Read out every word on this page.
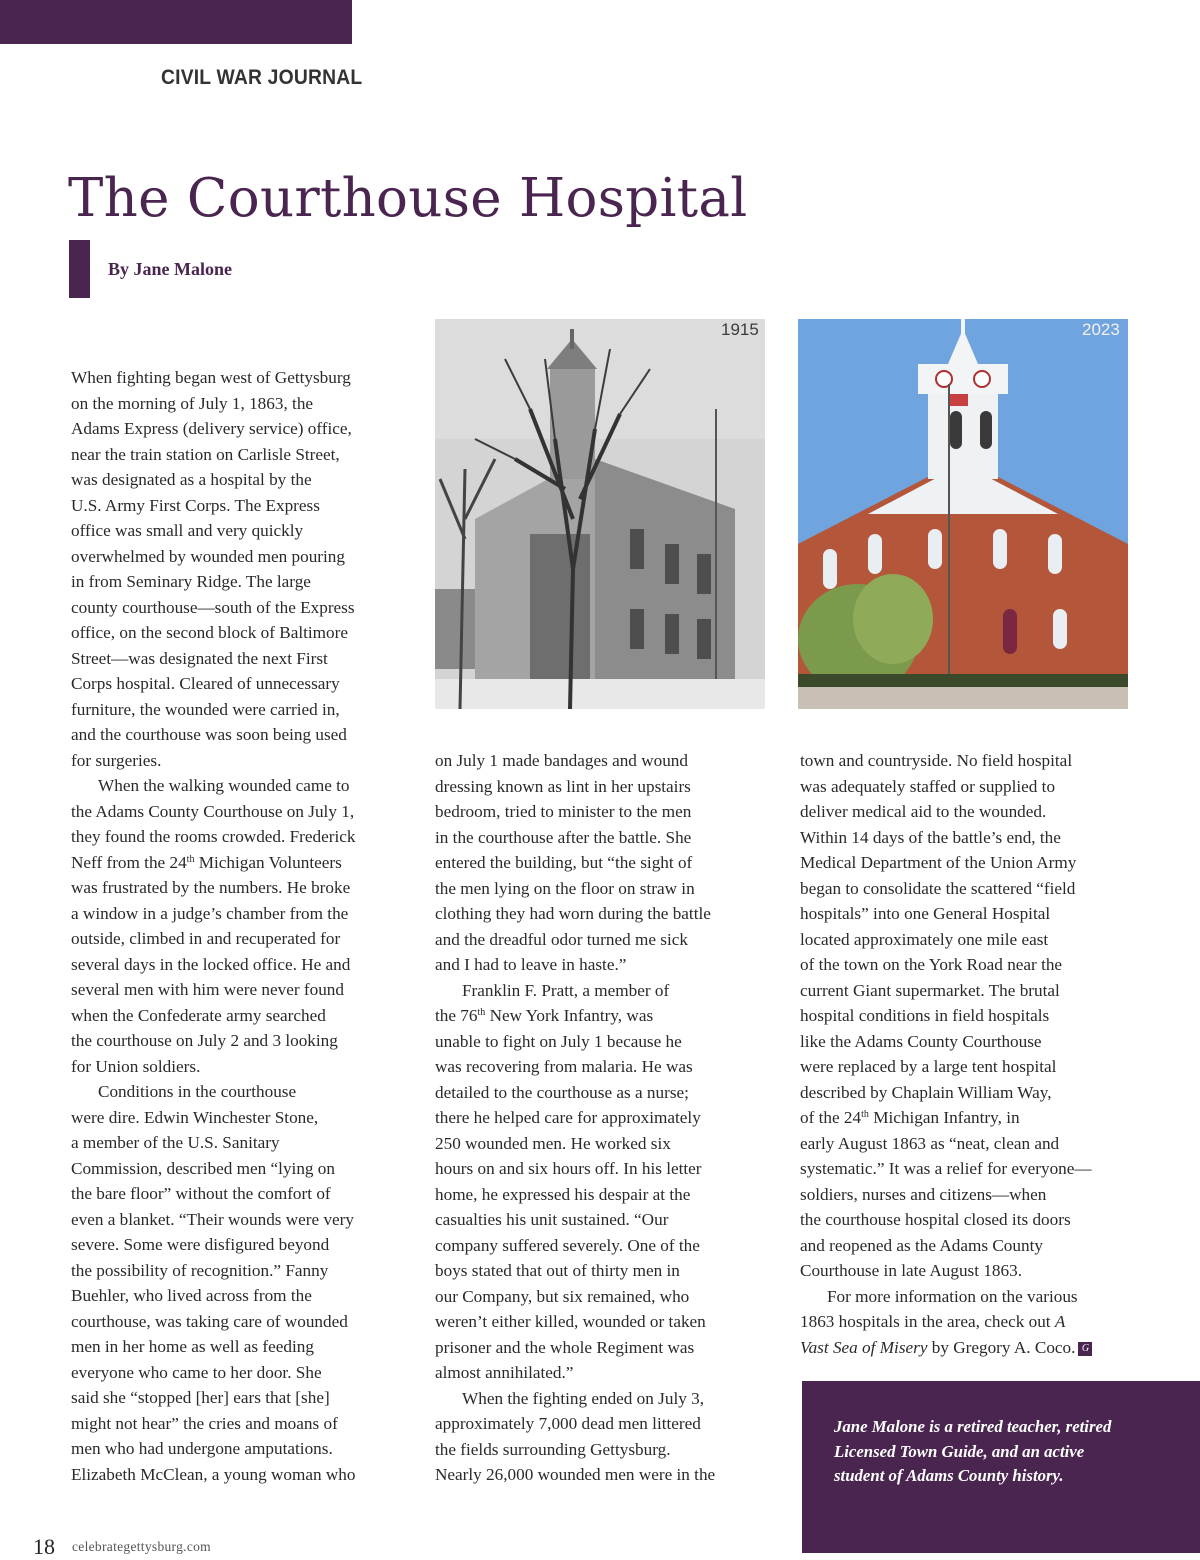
CIVIL WAR JOURNAL
The Courthouse Hospital
By Jane Malone

When fighting began west of Gettysburg
on the morning of July 1, 1863, the
Adams Express (delivery service) office,
near the train station on Carlisle Street,
was designated as a hospital by the
U.S. Army First Corps. The Express
office was small and very quickly
overwhelmed by wounded men pouring
in from Seminary Ridge. The large
county courthouse—south of the Express
office, on the second block of Baltimore
Street—was designated the next First
Corps hospital. Cleared of unnecessary
furniture, the wounded were carried in,
and the courthouse was soon being used
for surgeries.

When the walking wounded came to
the Adams County Courthouse on July 1,
they found the rooms crowded. Frederick
Neff from the 24th Michigan Volunteers
was frustrated by the numbers. He broke
a window in a judge’s chamber from the
outside, climbed in and recuperated for
several days in the locked office. He and
several men with him were never found
when the Confederate army searched
the courthouse on July 2 and 3 looking
for Union soldiers.

Conditions in the courthouse
were dire. Edwin Winchester Stone,
a member of the U.S. Sanitary
Commission, described men “lying on
the bare floor” without the comfort of
even a blanket. “Their wounds were very
severe. Some were disfigured beyond
the possibility of recognition.” Fanny
Buehler, who lived across from the
courthouse, was taking care of wounded
men in her home as well as feeding
everyone who came to her door. She
said she “stopped [her] ears that [she]
might not hear” the cries and moans of
men who had undergone amputations.
Elizabeth McClean, a young woman who

1915	2023

on July 1 made bandages and wound
dressing known as lint in her upstairs
bedroom, tried to minister to the men
in the courthouse after the battle. She
entered the building, but “the sight of
the men lying on the floor on straw in
clothing they had worn during the battle
and the dreadful odor turned me sick
and I had to leave in haste.”

Franklin F. Pratt, a member of
the 76th New York Infantry, was
unable to fight on July 1 because he
was recovering from malaria. He was
detailed to the courthouse as a nurse;
there he helped care for approximately
250 wounded men. He worked six
hours on and six hours off. In his letter
home, he expressed his despair at the
casualties his unit sustained. “Our
company suffered severely. One of the
boys stated that out of thirty men in
our Company, but six remained, who
weren’t either killed, wounded or taken
prisoner and the whole Regiment was
almost annihilated.”

When the fighting ended on July 3,
approximately 7,000 dead men littered
the fields surrounding Gettysburg.
Nearly 26,000 wounded men were in the

town and countryside. No field hospital
was adequately staffed or supplied to
deliver medical aid to the wounded.
Within 14 days of the battle’s end, the
Medical Department of the Union Army
began to consolidate the scattered “field
hospitals” into one General Hospital
located approximately one mile east
of the town on the York Road near the
current Giant supermarket. The brutal
hospital conditions in field hospitals
like the Adams County Courthouse
were replaced by a large tent hospital
described by Chaplain William Way,
of the 24th Michigan Infantry, in
early August 1863 as “neat, clean and
systematic.” It was a relief for everyone—
soldiers, nurses and citizens—when
the courthouse hospital closed its doors
and reopened as the Adams County
Courthouse in late August 1863.

For more information on the various
1863 hospitals in the area, check out A
Vast Sea of Misery by Gregory A. Coco. G

Jane Malone is a retired teacher, retired
Licensed Town Guide, and an active
student of Adams County history.
18 celebrategettysburg.com
